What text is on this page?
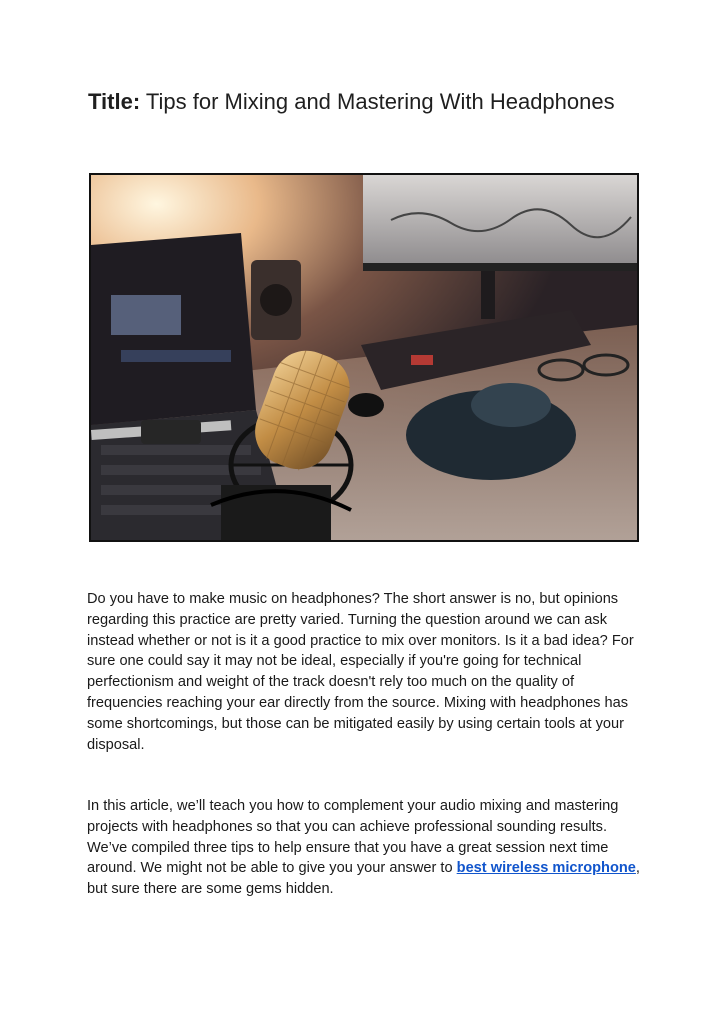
Title: Tips for Mixing and Mastering With Headphones
Do you have to make music on headphones? The short answer is no, but opinions regarding this practice are pretty varied. Turning the question around we can ask instead whether or not is it a good practice to mix over monitors. Is it a bad idea? For sure one could say it may not be ideal, especially if you're going for technical perfectionism and weight of the track doesn't rely too much on the quality of frequencies reaching your ear directly from the source. Mixing with headphones has some shortcomings, but those can be mitigated easily by using certain tools at your disposal.
In this article, we’ll teach you how to complement your audio mixing and mastering projects with headphones so that you can achieve professional sounding results. We’ve compiled three tips to help ensure that you have a great session next time around. We might not be able to give you your answer to best wireless microphone, but sure there are some gems hidden.
